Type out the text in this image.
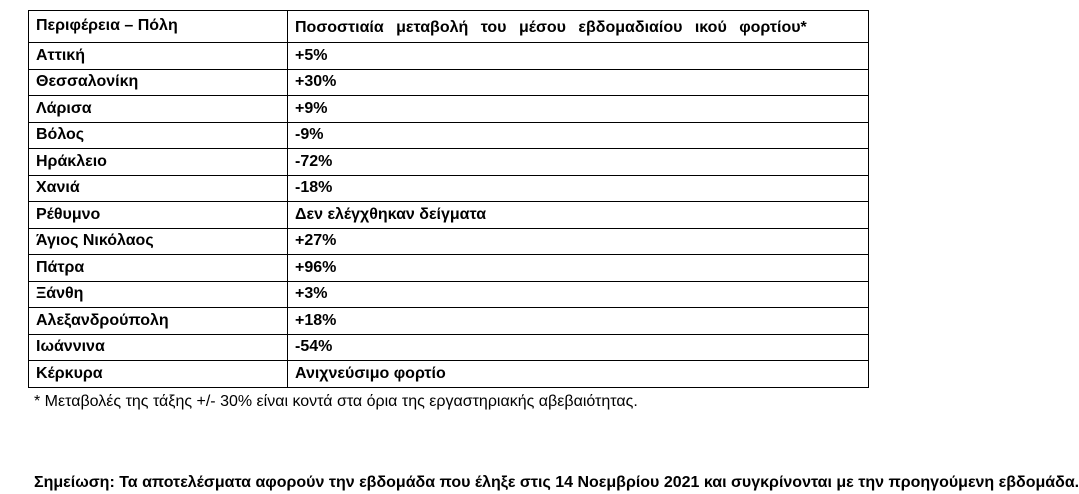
Περιφέρεια – Πόλη	Ποσοστιαία μεταβολή του μέσου εβδομαδιαίου ικού φορτίου*
Αττική	+5%
Θεσσαλονίκη	+30%
Λάρισα	+9%
Βόλος	-9%
Ηράκλειο	-72%
Χανιά	-18%
Ρέθυμνο	Δεν ελέγχθηκαν δείγματα
Άγιος Νικόλαος	+27%
Πάτρα	+96%
Ξάνθη	+3%
Αλεξανδρούπολη	+18%
Ιωάννινα	-54%
Κέρκυρα	Ανιχνεύσιμο φορτίο
* Μεταβολές της τάξης +/- 30% είναι κοντά στα όρια της εργαστηριακής αβεβαιότητας.
Σημείωση: Τα αποτελέσματα αφορούν την εβδομάδα που έληξε στις 14 Νοεμβρίου 2021 και συγκρίνονται με την προηγούμενη εβδομάδα.
